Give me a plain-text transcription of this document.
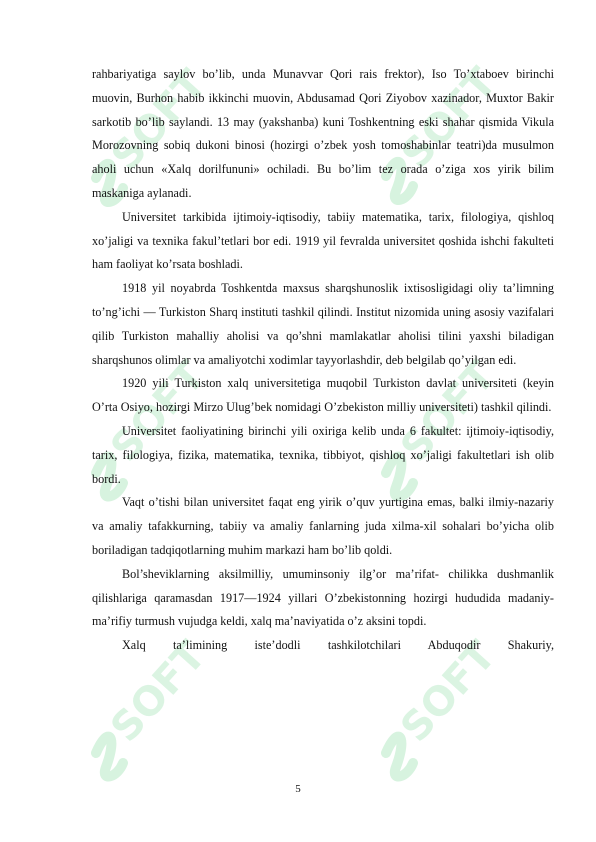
SOFT	SOFT
SOFT	SOFT
SOFT	SOFT

rahbariyatiga saylov bo’lib, unda Munavvar Qori rais frektor), Iso To’xtaboev birinchi muovin, Burhon habib ikkinchi muovin, Abdusamad Qori Ziyobov xazinador, Muxtor Bakir sarkotib bo’lib saylandi. 13 may (yakshanba) kuni Toshkentning eski shahar qismida Vikula Morozovning sobiq dukoni binosi (hozirgi o’zbek yosh tomoshabinlar teatri)da musulmon aholi uchun «Xalq dorilfununi» ochiladi. Bu bo’lim tez orada o’ziga xos yirik bilim maskaniga aylanadi.

Universitet tarkibida ijtimoiy-iqtisodiy, tabiiy matematika, tarix, filologiya, qishloq xo’jaligi va texnika fakul’tetlari bor edi. 1919 yil fevralda universitet qoshida ishchi fakulteti ham faoliyat ko’rsata boshladi.

1918 yil noyabrda Toshkentda maxsus sharqshunoslik ixtisosligidagi oliy ta’limning to’ng’ichi — Turkiston Sharq instituti tashkil qilindi. Institut nizomida uning asosiy vazifalari qilib Turkiston mahalliy aholisi va qo’shni mamlakatlar aholisi tilini yaxshi biladigan sharqshunos olimlar va amaliyotchi xodimlar tayyorlashdir, deb belgilab qo’yilgan edi.

1920 yili Turkiston xalq universitetiga muqobil Turkiston davlat universiteti (keyin O’rta Osiyo, hozirgi Mirzo Ulug’bek nomidagi O’zbekiston milliy universiteti) tashkil qilindi.

Universitet faoliyatining birinchi yili oxiriga kelib unda 6 fakultet: ijtimoiy-iqtisodiy, tarix, filologiya, fizika, matematika, texnika, tibbiyot, qishloq xo’jaligi fakultetlari ish olib bordi.

Vaqt o’tishi bilan universitet faqat eng yirik o’quv yurtigina emas, balki ilmiy-nazariy va amaliy tafakkurning, tabiiy va amaliy fanlarning juda xilma-xil sohalari bo’yicha olib boriladigan tadqiqotlarning muhim markazi ham bo’lib qoldi.

Bol’sheviklarning aksilmilliy, umuminsoniy ilg’or ma’rifat- chilikka dushmanlik qilishlariga qaramasdan 1917—1924 yillari O’zbekistonning hozirgi hududida madaniy-ma’rifiy turmush vujudga keldi, xalq ma’naviyatida o’z aksini topdi.

Xalq ta’limining iste’dodli tashkilotchilari Abduqodir Shakuriy,

5
